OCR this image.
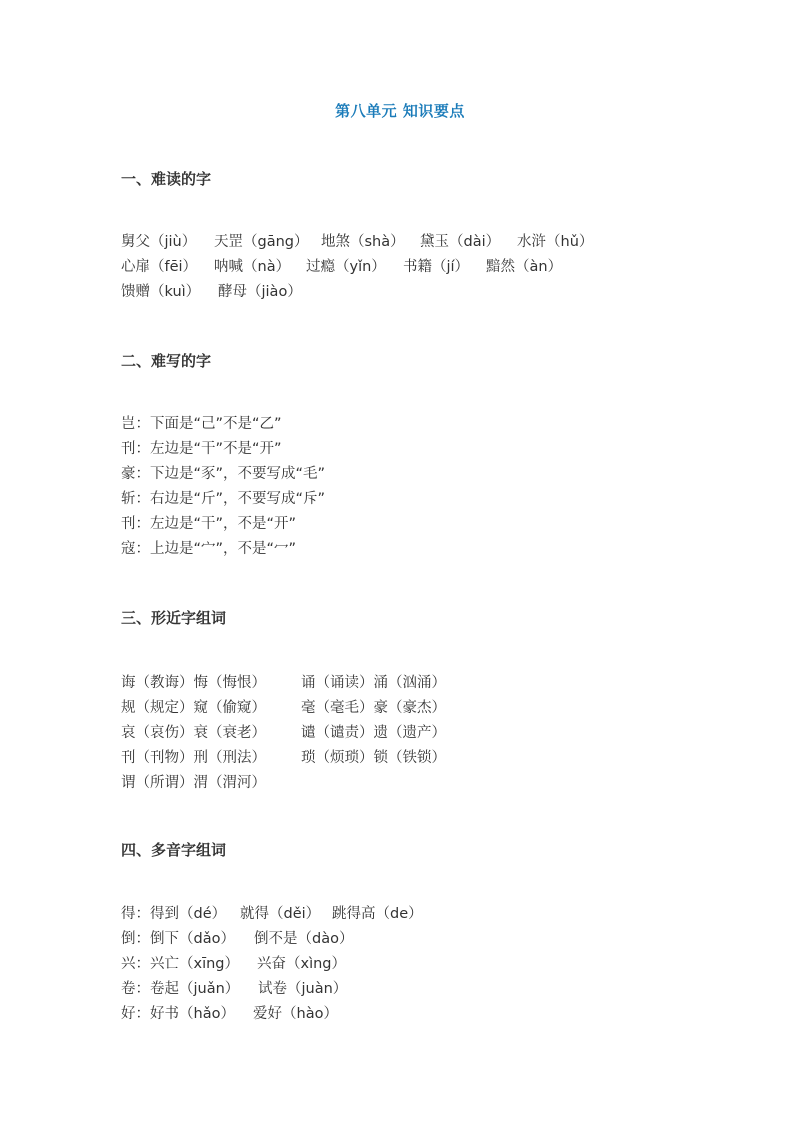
第八单元 知识要点
一、难读的字
舅父（jiù） 天罡（gāng） 地煞（shà） 黛玉（dài） 水浒（hǔ）
心扉（fēi） 呐喊（nà） 过瘾（yǐn） 书籍（jí） 黯然（àn）
馈赠（kuì） 酵母（jiào）
二、难写的字
岂：下面是“己”不是“乙”
刊：左边是“干”不是“开”
豪：下边是“豕”，不要写成“毛”
斩：右边是“斤”，不要写成“斥”
刊：左边是“干”，不是“开”
寇：上边是“宀”，不是“冖”
三、形近字组词
诲（教诲）悔（悔恨）	诵（诵读）涌（汹涌）
规（规定）窥（偷窥）	毫（毫毛）豪（豪杰）
哀（哀伤）衰（衰老）	谴（谴责）遗（遗产）
刊（刊物）刑（刑法）	琐（烦琐）锁（铁锁）
谓（所谓）渭（渭河）
四、多音字组词
得：得到（dé） 就得（děi） 跳得高（de）
倒：倒下（dǎo） 倒不是（dào）
兴：兴亡（xīng） 兴奋（xìng）
卷：卷起（juǎn） 试卷（juàn）
好：好书（hǎo） 爱好（hào）
